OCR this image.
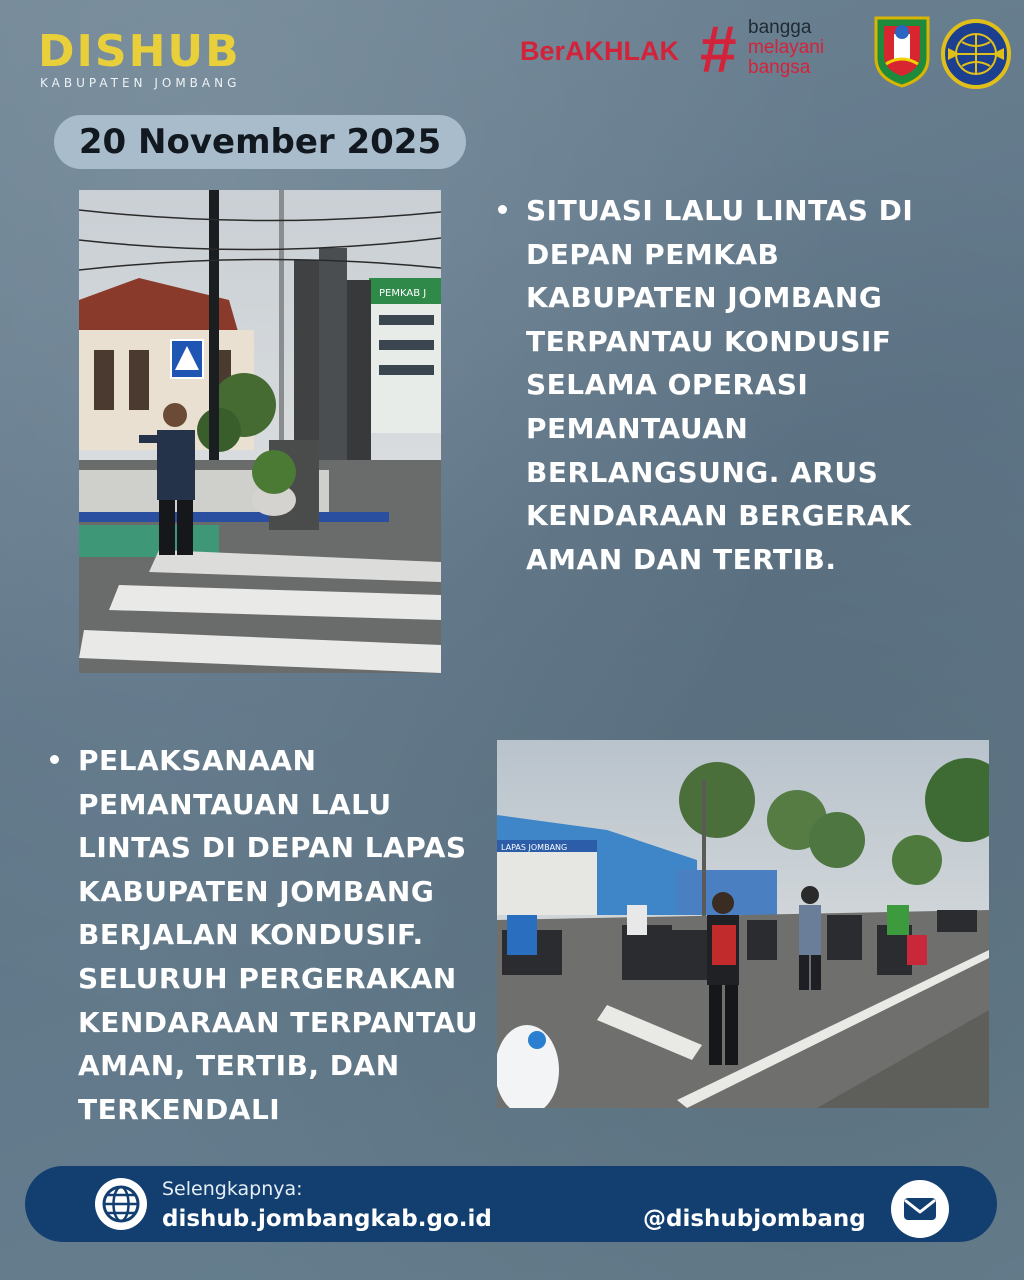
DISHUB
KABUPATEN JOMBANG
BerAKHLAK # bangga
melayani
bangsa
20 November 2025
PEMKAB J
SITUASI LALU LINTAS DI DEPAN PEMKAB KABUPATEN JOMBANG TERPANTAU KONDUSIF SELAMA OPERASI PEMANTAUAN BERLANGSUNG. ARUS KENDARAAN BERGERAK AMAN DAN TERTIB.
PELAKSANAAN PEMANTAUAN LALU LINTAS DI DEPAN LAPAS KABUPATEN JOMBANG BERJALAN KONDUSIF. SELURUH PERGERAKAN KENDARAAN TERPANTAU AMAN, TERTIB, DAN TERKENDALI
LAPAS JOMBANG
Selengkapnya:
dishub.jombangkab.go.id	@dishubjombang
